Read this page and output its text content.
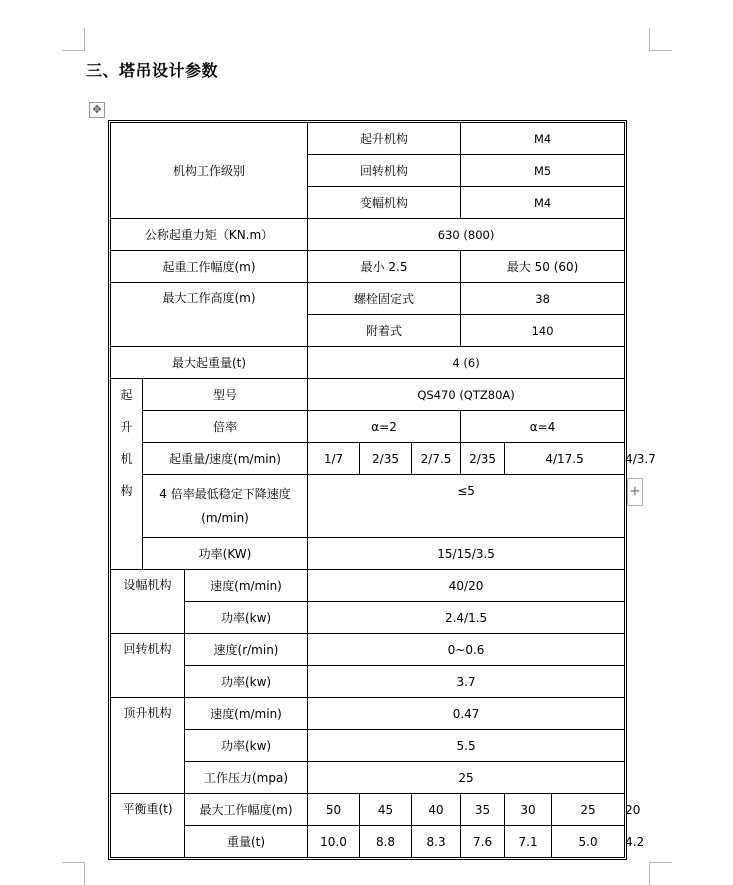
三、塔吊设计参数
✥
+
机构工作级别			起升机构			M4			
			回转机构			M5			
			变幅机构			M4			
公称起重力矩（KN.m）			630 (800)						
起重工作幅度(m)			最小 2.5			最大 50 (60)			
最大工作高度(m)			螺栓固定式			38			
			附着式			140			
最大起重量(t)			4 (6)						
起
升
机
构	型号		QS470 (QTZ80A)						
	倍率		α=2			α=4			
	起重量/速度(m/min)		1/7	2/35	2/7.5	2/35	4/17.5		4/3.7
	4 倍率最低稳定下降速度
(m/min)		≤5						

	功率(KW)		15/15/3.5						
设幅机构		速度(m/min)	40/20						
		功率(kw)	2.4/1.5						
回转机构		速度(r/min)	0~0.6						
		功率(kw)	3.7						
顶升机构		速度(m/min)	0.47						
		功率(kw)	5.5						
		工作压力(mpa)	25						
平衡重(t)		最大工作幅度(m)	50	45	40	35	30	25	20
		重量(t)	10.0	8.8	8.3	7.6	7.1	5.0	4.2
